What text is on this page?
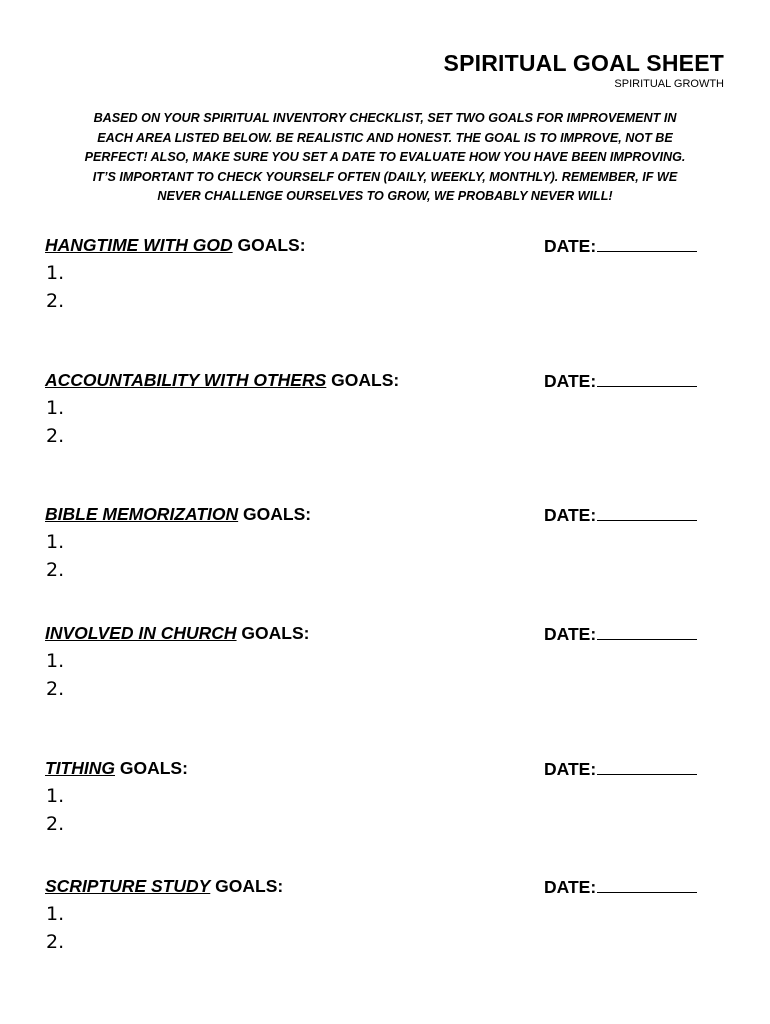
SPIRITUAL GOAL SHEET
SPIRITUAL GROWTH
BASED ON YOUR SPIRITUAL INVENTORY CHECKLIST, SET TWO GOALS FOR IMPROVEMENT IN
EACH AREA LISTED BELOW. BE REALISTIC AND HONEST. THE GOAL IS TO IMPROVE, NOT BE
PERFECT! ALSO, MAKE SURE YOU SET A DATE TO EVALUATE HOW YOU HAVE BEEN IMPROVING.
IT’S IMPORTANT TO CHECK YOURSELF OFTEN (DAILY, WEEKLY, MONTHLY). REMEMBER, IF WE
NEVER CHALLENGE OURSELVES TO GROW, WE PROBABLY NEVER WILL!
HANGTIME WITH GOD GOALS:	DATE:
1.
2.
ACCOUNTABILITY WITH OTHERS GOALS:	DATE:
1.
2.
BIBLE MEMORIZATION GOALS:	DATE:
1.
2.
INVOLVED IN CHURCH GOALS:	DATE:
1.
2.
TITHING GOALS:	DATE:
1.
2.
SCRIPTURE STUDY GOALS:	DATE:
1.
2.
